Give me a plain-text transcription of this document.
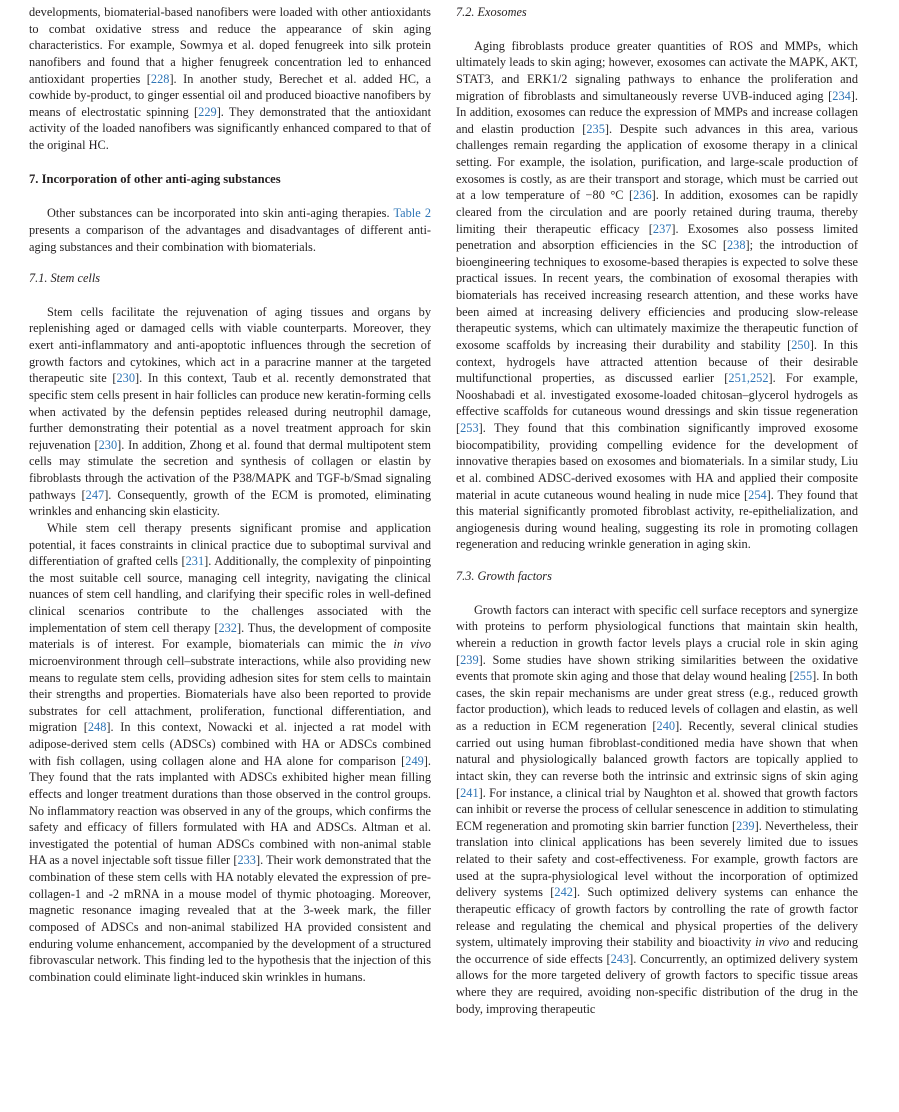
developments, biomaterial-based nanofibers were loaded with other antioxidants to combat oxidative stress and reduce the appearance of skin aging characteristics. For example, Sowmya et al. doped fenugreek into silk protein nanofibers and found that a higher fenugreek concentration led to enhanced antioxidant properties [228]. In another study, Berechet et al. added HC, a cowhide by-product, to ginger essential oil and produced bioactive nanofibers by means of electrostatic spinning [229]. They demonstrated that the antioxidant activity of the loaded nanofibers was significantly enhanced compared to that of the original HC.

7. Incorporation of other anti-aging substances

Other substances can be incorporated into skin anti-aging therapies. Table 2 presents a comparison of the advantages and disadvantages of different anti-aging substances and their combination with biomaterials.

7.1. Stem cells

Stem cells facilitate the rejuvenation of aging tissues and organs by replenishing aged or damaged cells with viable counterparts. Moreover, they exert anti-inflammatory and anti-apoptotic influences through the secretion of growth factors and cytokines, which act in a paracrine manner at the targeted therapeutic site [230]. In this context, Taub et al. recently demonstrated that specific stem cells present in hair follicles can produce new keratin-forming cells when activated by the defensin peptides released during neutrophil damage, further demonstrating their potential as a novel treatment approach for skin rejuvenation [230]. In addition, Zhong et al. found that dermal multipotent stem cells may stimulate the secretion and synthesis of collagen or elastin by fibroblasts through the activation of the P38/MAPK and TGF-b/Smad signaling pathways [247]. Consequently, growth of the ECM is promoted, eliminating wrinkles and enhancing skin elasticity.

While stem cell therapy presents significant promise and application potential, it faces constraints in clinical practice due to suboptimal survival and differentiation of grafted cells [231]. Additionally, the complexity of pinpointing the most suitable cell source, managing cell integrity, navigating the clinical nuances of stem cell handling, and clarifying their specific roles in well-defined clinical scenarios contribute to the challenges associated with the implementation of stem cell therapy [232]. Thus, the development of composite materials is of interest. For example, biomaterials can mimic the in vivo microenvironment through cell–substrate interactions, while also providing new means to regulate stem cells, providing adhesion sites for stem cells to maintain their strengths and properties. Biomaterials have also been reported to provide substrates for cell attachment, proliferation, functional differentiation, and migration [248]. In this context, Nowacki et al. injected a rat model with adipose-derived stem cells (ADSCs) combined with HA or ADSCs combined with fish collagen, using collagen alone and HA alone for comparison [249]. They found that the rats implanted with ADSCs exhibited higher mean filling effects and longer treatment durations than those observed in the control groups. No inflammatory reaction was observed in any of the groups, which confirms the safety and efficacy of fillers formulated with HA and ADSCs. Altman et al. investigated the potential of human ADSCs combined with non-animal stable HA as a novel injectable soft tissue filler [233]. Their work demonstrated that the combination of these stem cells with HA notably elevated the expression of pre-collagen-1 and -2 mRNA in a mouse model of thymic photoaging. Moreover, magnetic resonance imaging revealed that at the 3-week mark, the filler composed of ADSCs and non-animal stabilized HA provided consistent and enduring volume enhancement, accompanied by the development of a structured fibrovascular network. This finding led to the hypothesis that the injection of this combination could eliminate light-induced skin wrinkles in humans.

7.2. Exosomes

Aging fibroblasts produce greater quantities of ROS and MMPs, which ultimately leads to skin aging; however, exosomes can activate the MAPK, AKT, STAT3, and ERK1/2 signaling pathways to enhance the proliferation and migration of fibroblasts and simultaneously reverse UVB-induced aging [234]. In addition, exosomes can reduce the expression of MMPs and increase collagen and elastin production [235]. Despite such advances in this area, various challenges remain regarding the application of exosome therapy in a clinical setting. For example, the isolation, purification, and large-scale production of exosomes is costly, as are their transport and storage, which must be carried out at a low temperature of −80 °C [236]. In addition, exosomes can be rapidly cleared from the circulation and are poorly retained during trauma, thereby limiting their therapeutic efficacy [237]. Exosomes also possess limited penetration and absorption efficiencies in the SC [238]; the introduction of bioengineering techniques to exosome-based therapies is expected to solve these practical issues. In recent years, the combination of exosomal therapies with biomaterials has received increasing research attention, and these works have been aimed at increasing delivery efficiencies and producing slow-release therapeutic systems, which can ultimately maximize the therapeutic function of exosome scaffolds by increasing their durability and stability [250]. In this context, hydrogels have attracted attention because of their desirable multifunctional properties, as discussed earlier [251,252]. For example, Nooshabadi et al. investigated exosome-loaded chitosan–glycerol hydrogels as effective scaffolds for cutaneous wound dressings and skin tissue regeneration [253]. They found that this combination significantly improved exosome biocompatibility, providing compelling evidence for the development of innovative therapies based on exosomes and biomaterials. In a similar study, Liu et al. combined ADSC-derived exosomes with HA and applied their composite material in acute cutaneous wound healing in nude mice [254]. They found that this material significantly promoted fibroblast activity, re-epithelialization, and angiogenesis during wound healing, suggesting its role in promoting collagen regeneration and reducing wrinkle generation in aging skin.

7.3. Growth factors

Growth factors can interact with specific cell surface receptors and synergize with proteins to perform physiological functions that maintain skin health, wherein a reduction in growth factor levels plays a crucial role in skin aging [239]. Some studies have shown striking similarities between the oxidative events that promote skin aging and those that delay wound healing [255]. In both cases, the skin repair mechanisms are under great stress (e.g., reduced growth factor production), which leads to reduced levels of collagen and elastin, as well as a reduction in ECM regeneration [240]. Recently, several clinical studies carried out using human fibroblast-conditioned media have shown that when natural and physiologically balanced growth factors are topically applied to intact skin, they can reverse both the intrinsic and extrinsic signs of skin aging [241]. For instance, a clinical trial by Naughton et al. showed that growth factors can inhibit or reverse the process of cellular senescence in addition to stimulating ECM regeneration and promoting skin barrier function [239]. Nevertheless, their translation into clinical applications has been severely limited due to issues related to their safety and cost-effectiveness. For example, growth factors are used at the supra-physiological level without the incorporation of optimized delivery systems [242]. Such optimized delivery systems can enhance the therapeutic efficacy of growth factors by controlling the rate of growth factor release and regulating the chemical and physical properties of the delivery system, ultimately improving their stability and bioactivity in vivo and reducing the occurrence of side effects [243]. Concurrently, an optimized delivery system allows for the more targeted delivery of growth factors to specific tissue areas where they are required, avoiding non-specific distribution of the drug in the body, improving therapeutic
